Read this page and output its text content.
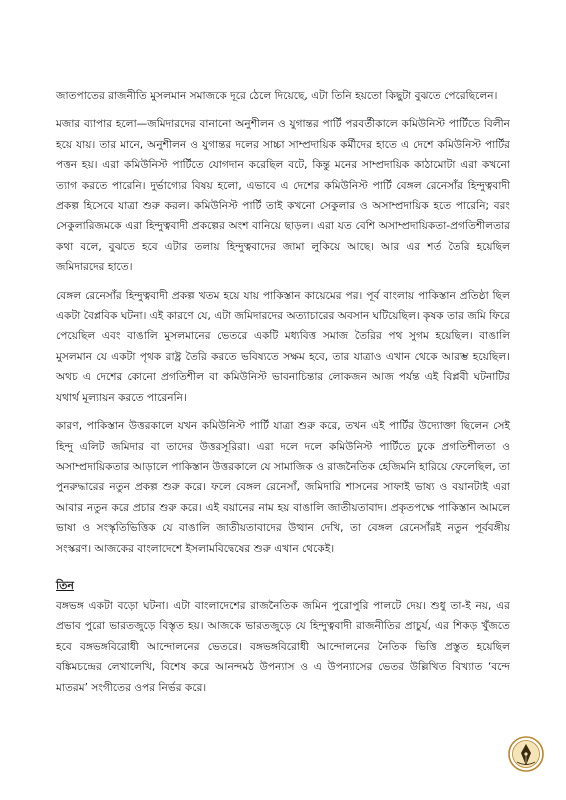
জাতপাতের রাজনীতি মুসলমান সমাজকে দূরে ঠেলে দিয়েছে, এটা তিনি হয়তো কিছুটা বুঝতে পেরেছিলেন।

মজার ব্যাপার হলো—জমিদারদের বানানো অনুশীলন ও যুগান্তর পার্টি পরবর্তীকালে কমিউনিস্ট পার্টিতে বিলীন হয়ে যায়। তার মানে, অনুশীলন ও যুগান্তর দলের সাচ্চা সাম্প্রদায়িক কর্মীদের হাতে এ দেশে কমিউনিস্ট পার্টির পত্তন হয়। এরা কমিউনিস্ট পার্টিতে যোগদান করেছিল বটে, কিন্তু মনের সাম্প্রদায়িক কাঠামোটা এরা কখনো ত্যাগ করতে পারেনি। দুর্ভাগ্যের বিষয় হলো, এভাবে এ দেশের কমিউনিস্ট পার্টি বেঙ্গল রেনেসাঁর হিন্দুত্ববাদী প্রকল্প হিসেবে যাত্রা শুরু করল। কমিউনিস্ট পার্টি তাই কখনো সেকুলার ও অসাম্প্রদায়িক হতে পারেনি; বরং সেকুলারিজমকে এরা হিন্দুত্ববাদী প্রকল্পের অংশ বানিয়ে ছাড়ল। এরা যত বেশি অসাম্প্রদায়িকতা-প্রগতিশীলতার কথা বলে, বুঝতে হবে এটার তলায় হিন্দুত্ববাদের জামা লুকিয়ে আছে। আর এর শর্ত তৈরি হয়েছিল জমিদারদের হাতে।

বেঙ্গল রেনেসাঁর হিন্দুত্ববাদী প্রকল্প খতম হয়ে যায় পাকিস্তান কায়েমের পর। পূর্ব বাংলায় পাকিস্তান প্রতিষ্ঠা ছিল একটা বৈপ্লবিক ঘটনা। এই কারণে যে, এটা জমিদারদের অত্যাচারের অবসান ঘটিয়েছিল। কৃষক তার জমি ফিরে পেয়েছিল এবং বাঙালি মুসলমানের ভেতরে একটি মধ্যবিত্ত সমাজ তৈরির পথ সুগম হয়েছিল। বাঙালি মুসলমান যে একটা পৃথক রাষ্ট্র তৈরি করতে ভবিষ্যতে সক্ষম হবে, তার যাত্রাও এখান থেকে আরম্ভ হয়েছিল। অথচ এ দেশের কোনো প্রগতিশীল বা কমিউনিস্ট ভাবনাচিন্তার লোকজন আজ পর্যন্ত এই বিপ্লবী ঘটনাটির যথার্থ মূল্যায়ন করতে পারেননি।

কারণ, পাকিস্তান উত্তরকালে যখন কমিউনিস্ট পার্টি যাত্রা শুরু করে, তখন এই পার্টির উদ্যোক্তা ছিলেন সেই হিন্দু এলিট জমিদার বা তাদের উত্তরসূরিরা। এরা দলে দলে কমিউনিস্ট পার্টিতে ঢুকে প্রগতিশীলতা ও অসাম্প্রদায়িকতার আড়ালে পাকিস্তান উত্তরকালে যে সামাজিক ও রাজনৈতিক হেজিমনি হারিয়ে ফেলেছিল, তা পুনরুদ্ধারের নতুন প্রকল্প শুরু করে। ফলে বেঙ্গল রেনেসাঁ, জমিদারি শাসনের সাফাই ভাষ্য ও বয়ানটাই এরা আবার নতুন করে প্রচার শুরু করে। এই বয়ানের নাম হয় বাঙালি জাতীয়তাবাদ। প্রকৃতপক্ষে পাকিস্তান আমলে ভাষা ও সংস্কৃতিভিত্তিক যে বাঙালি জাতীয়তাবাদের উত্থান দেখি, তা বেঙ্গল রেনেসাঁরই নতুন পূর্ববঙ্গীয় সংস্করণ। আজকের বাংলাদেশে ইসলামবিদ্বেষের শুরু এখান থেকেই।

তিন

বঙ্গভঙ্গ একটা বড়ো ঘটনা। এটা বাংলাদেশের রাজনৈতিক জমিন পুরোপুরি পালটে দেয়। শুধু তা-ই নয়, এর প্রভাব পুরো ভারতজুড়ে বিস্তৃত হয়। আজকে ভারতজুড়ে যে হিন্দুত্ববাদী রাজনীতির প্রাচুর্য, এর শিকড় খুঁজতে হবে বঙ্গভঙ্গবিরোধী আন্দোলনের ভেতরে। বঙ্গভঙ্গবিরোধী আন্দোলনের নৈতিক ভিত্তি প্রস্তুত হয়েছিল বঙ্কিমচন্দ্রের লেখালেখি, বিশেষ করে আনন্দমঠ উপন্যাস ও এ উপন্যাসের ভেতর উল্লিখিত বিখ্যাত ‘বন্দে মাতরম’ সংগীতের ওপর নির্ভর করে।
